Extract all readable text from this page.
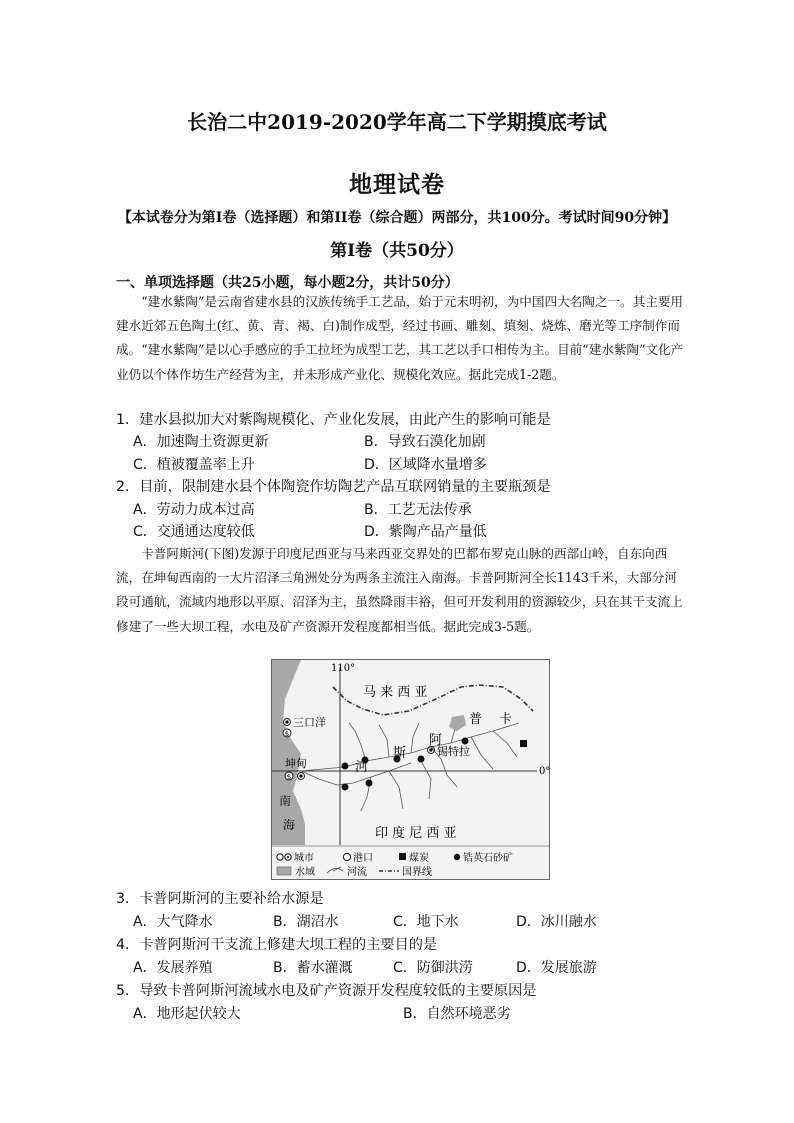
长治二中2019-2020学年高二下学期摸底考试
地理试卷
【本试卷分为第I卷（选择题）和第II卷（综合题）两部分，共100分。考试时间90分钟】
第I卷（共50分）
一、单项选择题（共25小题，每小题2分，共计50分）
“建水紫陶”是云南省建水县的汉族传统手工艺品，始于元末明初，为中国四大名陶之一。其主要用建水近郊五色陶土(红、黄、青、褐、白)制作成型，经过书画、雕刻、填刻、烧炼、磨光等工序制作而成。“建水紫陶”是以心手感应的手工拉坯为成型工艺，其工艺以手口相传为主。目前“建水紫陶”文化产业仍以个体作坊生产经营为主，并未形成产业化、规模化效应。据此完成1-2题。
1．建水县拟加大对紫陶规模化、产业化发展，由此产生的影响可能是
A．加速陶土资源更新	B．导致石漠化加剧
C．植被覆盖率上升	D．区域降水量增多
2．目前，限制建水县个体陶瓷作坊陶艺产品互联网销量的主要瓶颈是
A．劳动力成本过高	B．工艺无法传承
C．交通通达度较低	D．紫陶产品产量低
卡普阿斯河(下图)发源于印度尼西亚与马来西亚交界处的巴都布罗克山脉的西部山岭，自东向西流，在坤甸西南的一大片沼泽三角洲处分为两条主流注入南海。卡普阿斯河全长1143千米，大部分河段可通航，流域内地形以平原、沼泽为主，虽然降雨丰裕，但可开发利用的资源较少，只在其干支流上修建了一些大坝工程，水电及矿产资源开发程度都相当低。据此完成3-5题。
$
$
110°
0°
马 来 西 亚
印 度 尼 西 亚
卡
普
阿
斯
河
三口洋
坤甸
锡特拉
南
海
城市	港口	煤炭	锆英石砂矿
水域	河流	国界线
3．卡普阿斯河的主要补给水源是
A．大气降水	B．湖沼水	C．地下水	D．冰川融水
4．卡普阿斯河干支流上修建大坝工程的主要目的是
A．发展养殖	B．蓄水灌溉	C．防御洪涝	D．发展旅游
5．导致卡普阿斯河流域水电及矿产资源开发程度较低的主要原因是
A．地形起伏较大	B．自然环境恶劣
